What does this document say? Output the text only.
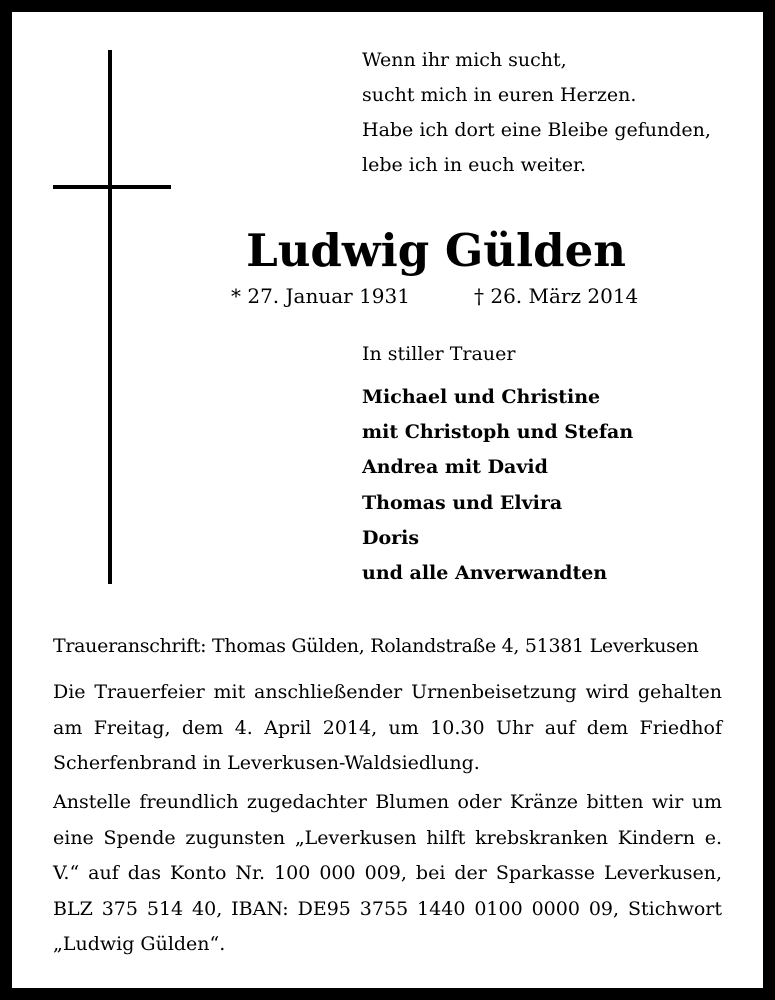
Wenn ihr mich sucht,
sucht mich in euren Herzen.
Habe ich dort eine Bleibe gefunden,
lebe ich in euch weiter.
Ludwig Gülden
* 27. Januar 1931	† 26. März 2014
In stiller Trauer
Michael und Christine
mit Christoph und Stefan
Andrea mit David
Thomas und Elvira
Doris
und alle Anverwandten
Traueranschrift: Thomas Gülden, Rolandstraße 4, 51381 Leverkusen
Die Trauerfeier mit anschließender Urnenbeisetzung wird gehalten am Freitag, dem 4. April 2014, um 10.30 Uhr auf dem Friedhof Scherfenbrand in Leverkusen-Waldsiedlung.
Anstelle freundlich zugedachter Blumen oder Kränze bitten wir um eine Spende zugunsten „Leverkusen hilft krebskranken Kindern e. V.“ auf das Konto Nr. 100 000 009, bei der Sparkasse Leverkusen, BLZ 375 514 40, IBAN: DE95 3755 1440 0100 0000 09, Stichwort „Ludwig Gülden“.
